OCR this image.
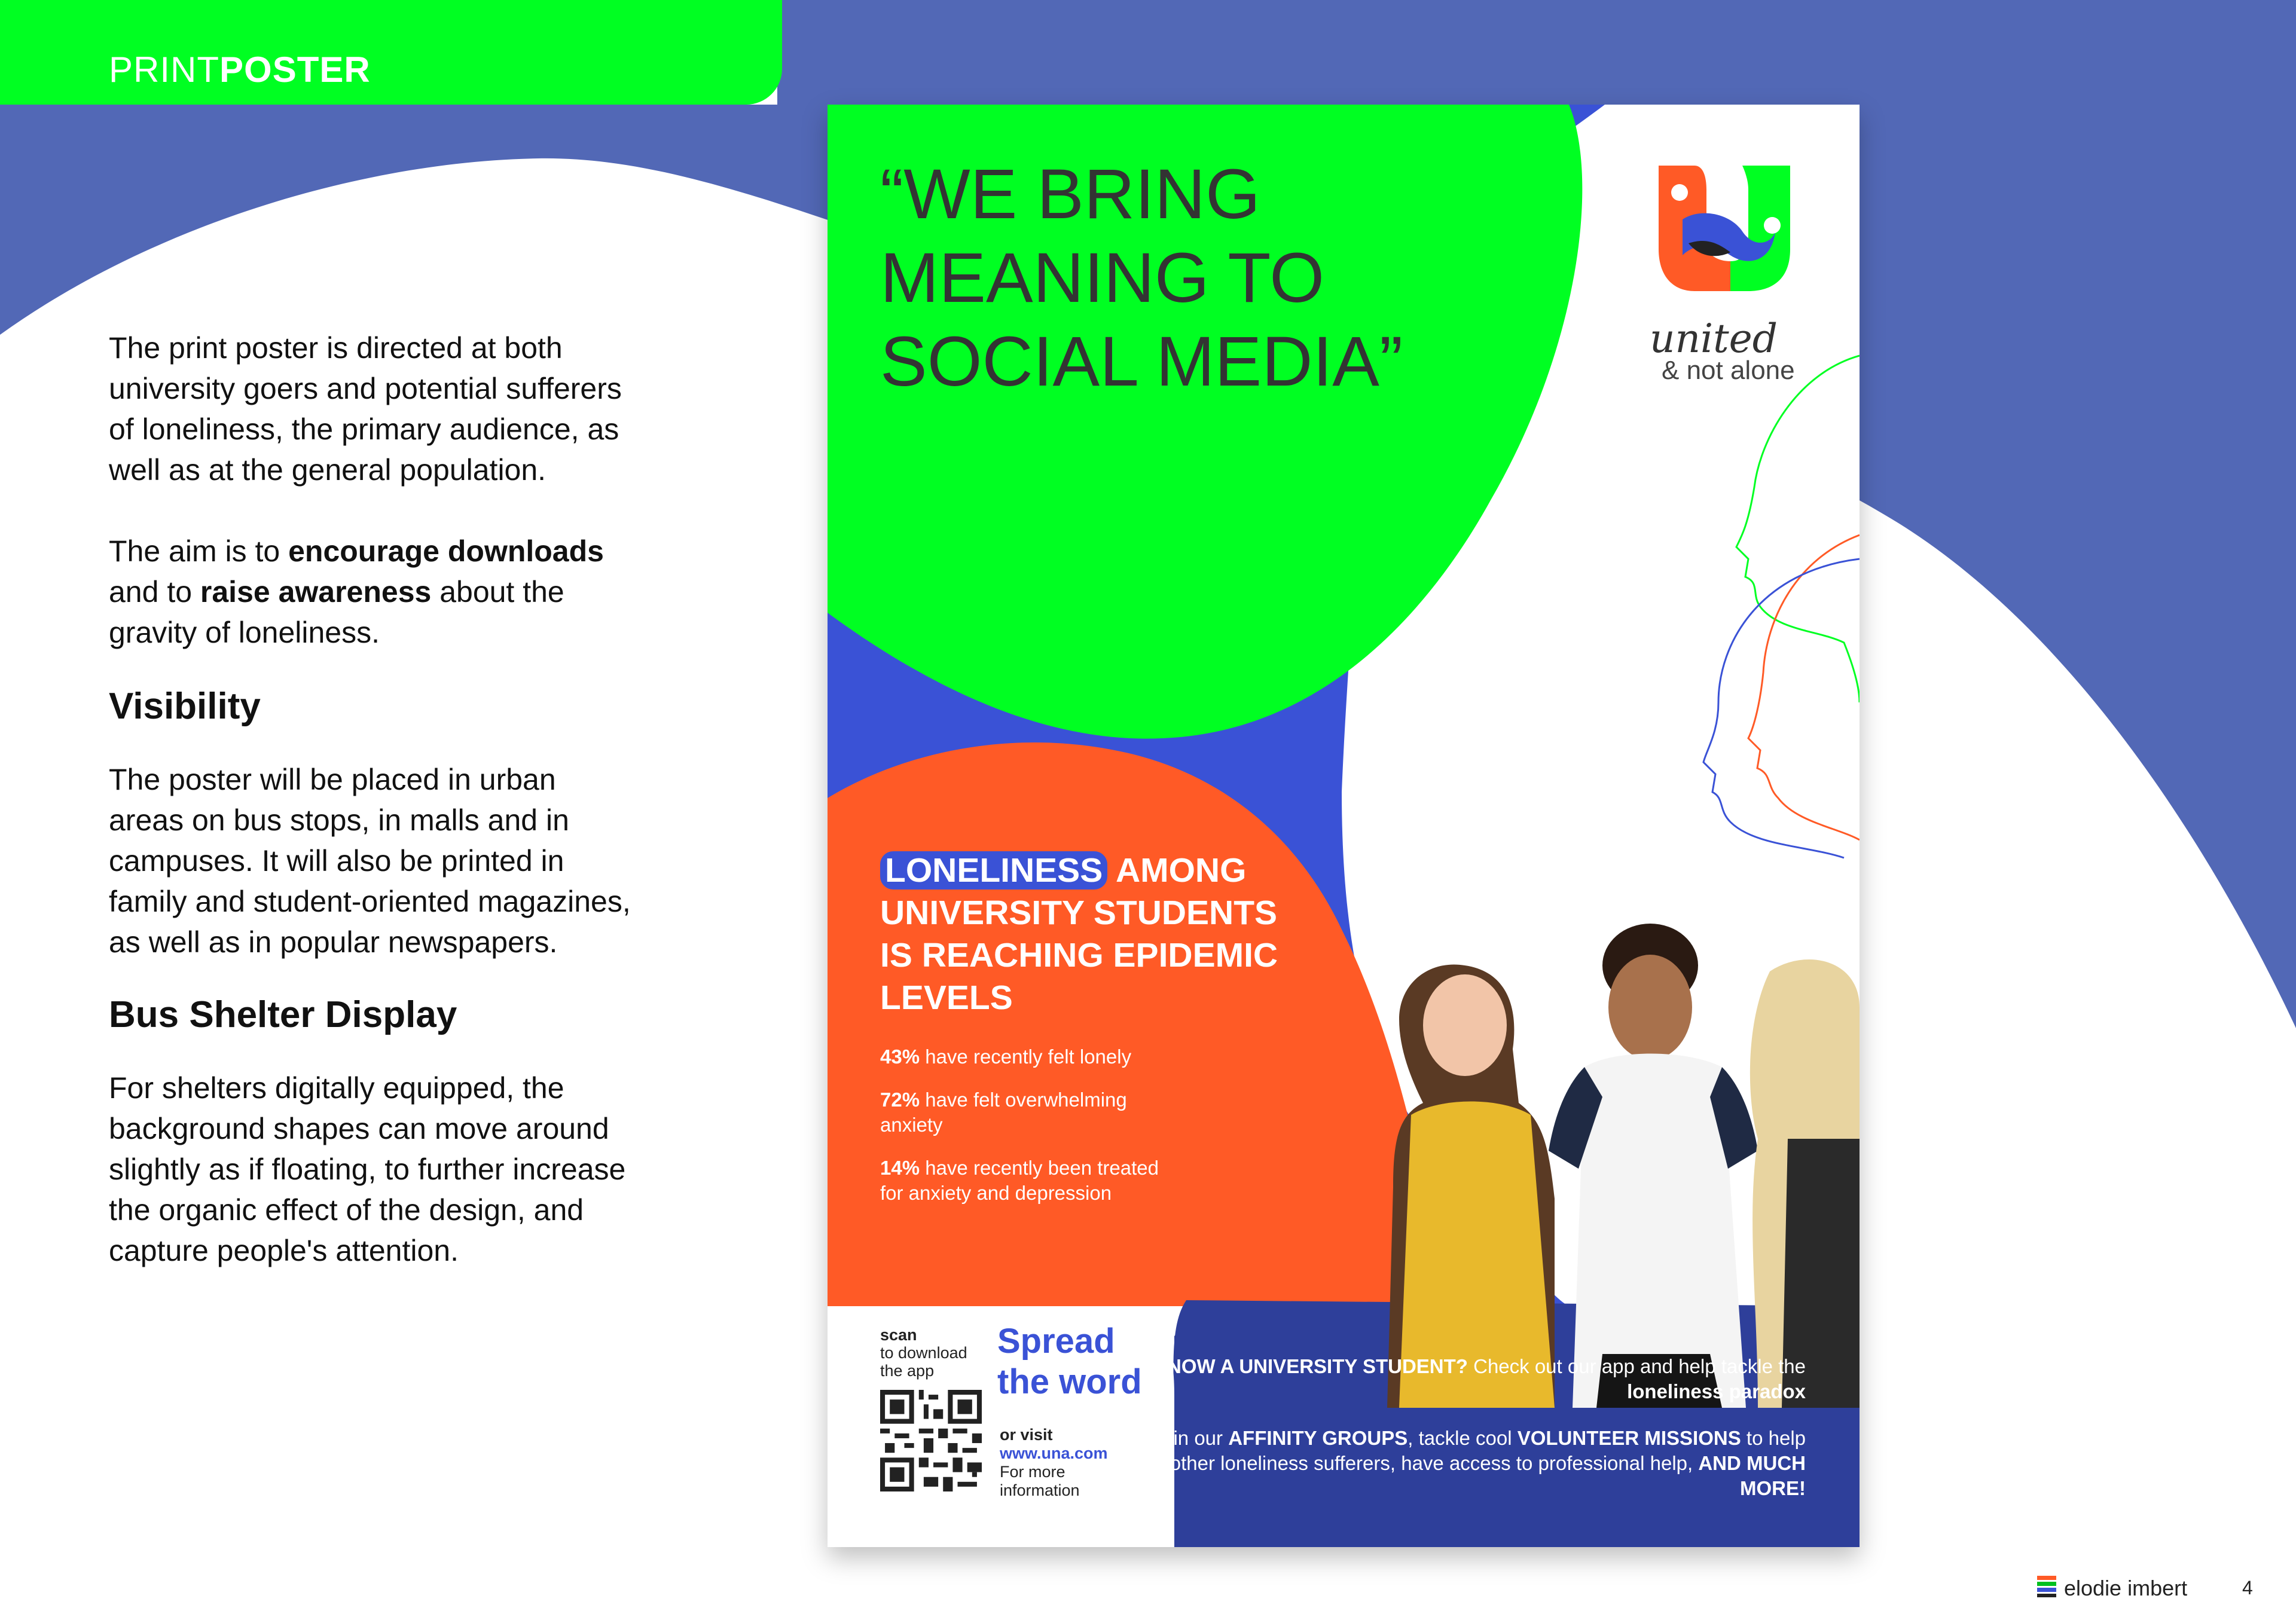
PRINTPOSTER

The print poster is directed at both university goers and potential sufferers of loneliness, the primary audience, as well as at the general population.

The aim is to encourage downloads and to raise awareness about the gravity of loneliness.

Visibility

The poster will be placed in urban areas on bus stops, in malls and in campuses. It will also be printed in family and student-oriented magazines, as well as in popular newspapers.

Bus Shelter Display

For shelters digitally equipped, the background shapes can move around slightly as if floating, to further increase the organic effect of the design, and capture people's attention.

“WE BRING MEANING TO SOCIAL MEDIA”	united
& not alone
LONELINESS AMONG UNIVERSITY STUDENTS IS REACHING EPIDEMIC LEVELS
43% have recently felt lonely
72% have felt overwhelming anxiety
14% have recently been treated for anxiety and depression
scan
to download the app
Spread the word
or visit
www.una.com
For more information
KNOW A UNIVERSITY STUDENT? Check out our app and help tackle the loneliness paradox
Join our AFFINITY GROUPS, tackle cool VOLUNTEER MISSIONS to help other loneliness sufferers, have access to professional help, AND MUCH MORE!
elodie imbert	4
